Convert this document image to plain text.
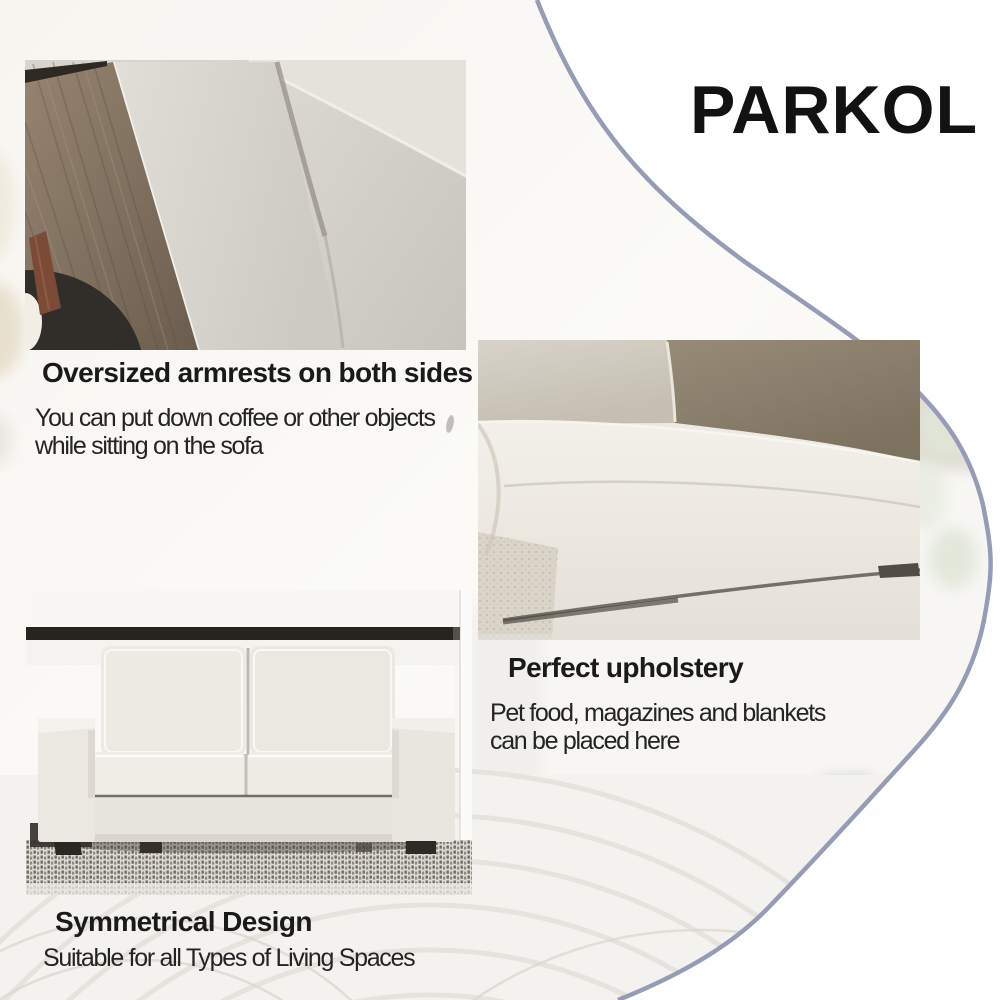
PARKOL
Oversized armrests on both sides
You can put down coffee or other objects
while sitting on the sofa
Perfect upholstery
Pet food, magazines and blankets
can be placed here
Symmetrical Design
Suitable for all Types of Living Spaces
